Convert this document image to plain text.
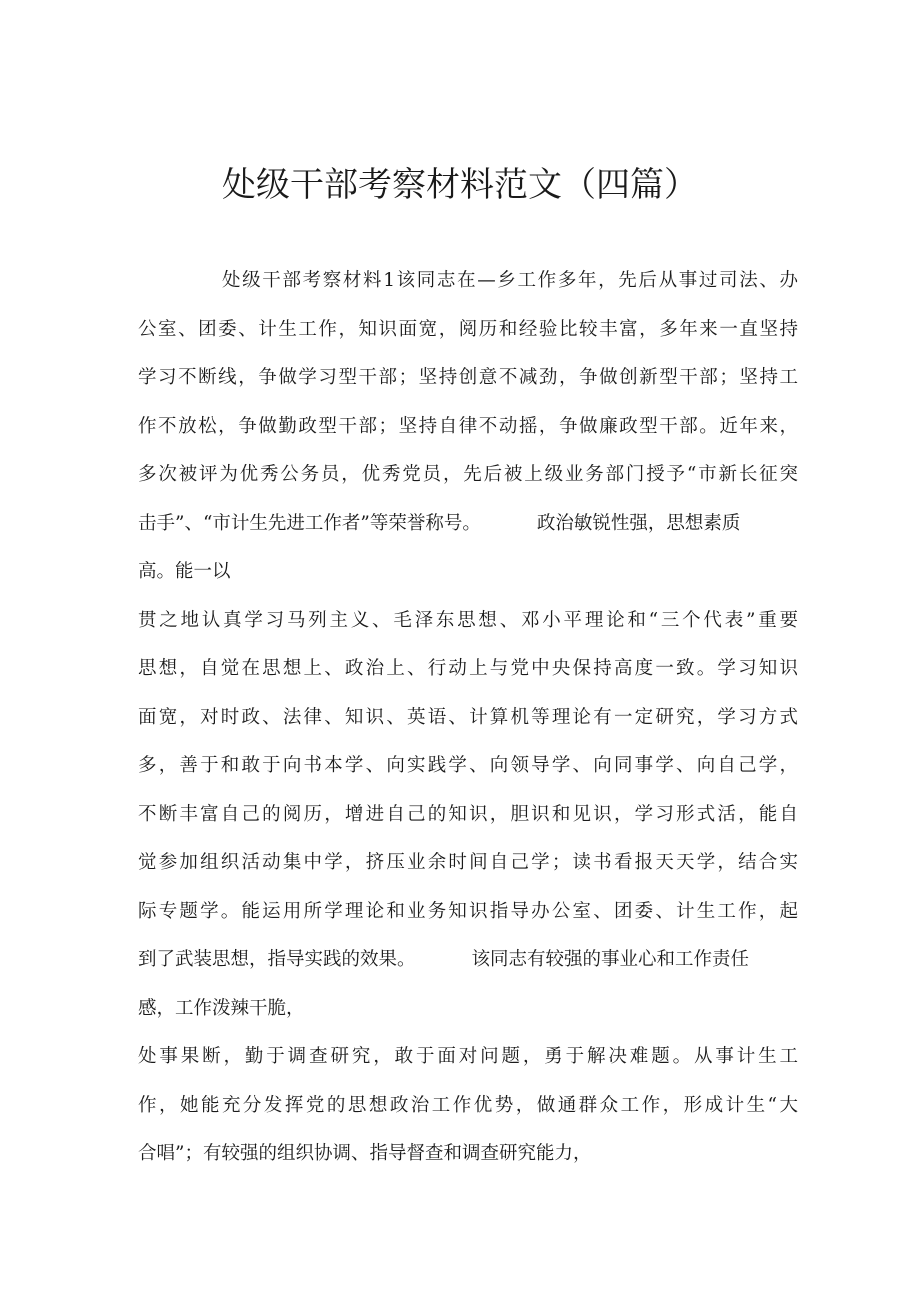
处级干部考察材料范文（四篇）
处级干部考察材料1该同志在—乡工作多年，先后从事过司法、办
公室、团委、计生工作，知识面宽，阅历和经验比较丰富，多年来一直坚持
学习不断线，争做学习型干部；坚持创意不减劲，争做创新型干部；坚持工
作不放松，争做勤政型干部；坚持自律不动摇，争做廉政型干部。近年来，
多次被评为优秀公务员，优秀党员，先后被上级业务部门授予“市新长征突
击手”、“市计生先进工作者”等荣誉称号。	政治敏锐性强，思想素质
高。能一以
贯之地认真学习马列主义、毛泽东思想、邓小平理论和“三个代表”重要
思想，自觉在思想上、政治上、行动上与党中央保持高度一致。学习知识
面宽，对时政、法律、知识、英语、计算机等理论有一定研究，学习方式
多，善于和敢于向书本学、向实践学、向领导学、向同事学、向自己学，
不断丰富自己的阅历，增进自己的知识，胆识和见识，学习形式活，能自
觉参加组织活动集中学，挤压业余时间自己学；读书看报天天学，结合实
际专题学。能运用所学理论和业务知识指导办公室、团委、计生工作，起
到了武装思想，指导实践的效果。	该同志有较强的事业心和工作责任
感，工作泼辣干脆，
处事果断，勤于调查研究，敢于面对问题，勇于解决难题。从事计生工
作，她能充分发挥党的思想政治工作优势，做通群众工作，形成计生“大
合唱”；有较强的组织协调、指导督查和调查研究能力，
